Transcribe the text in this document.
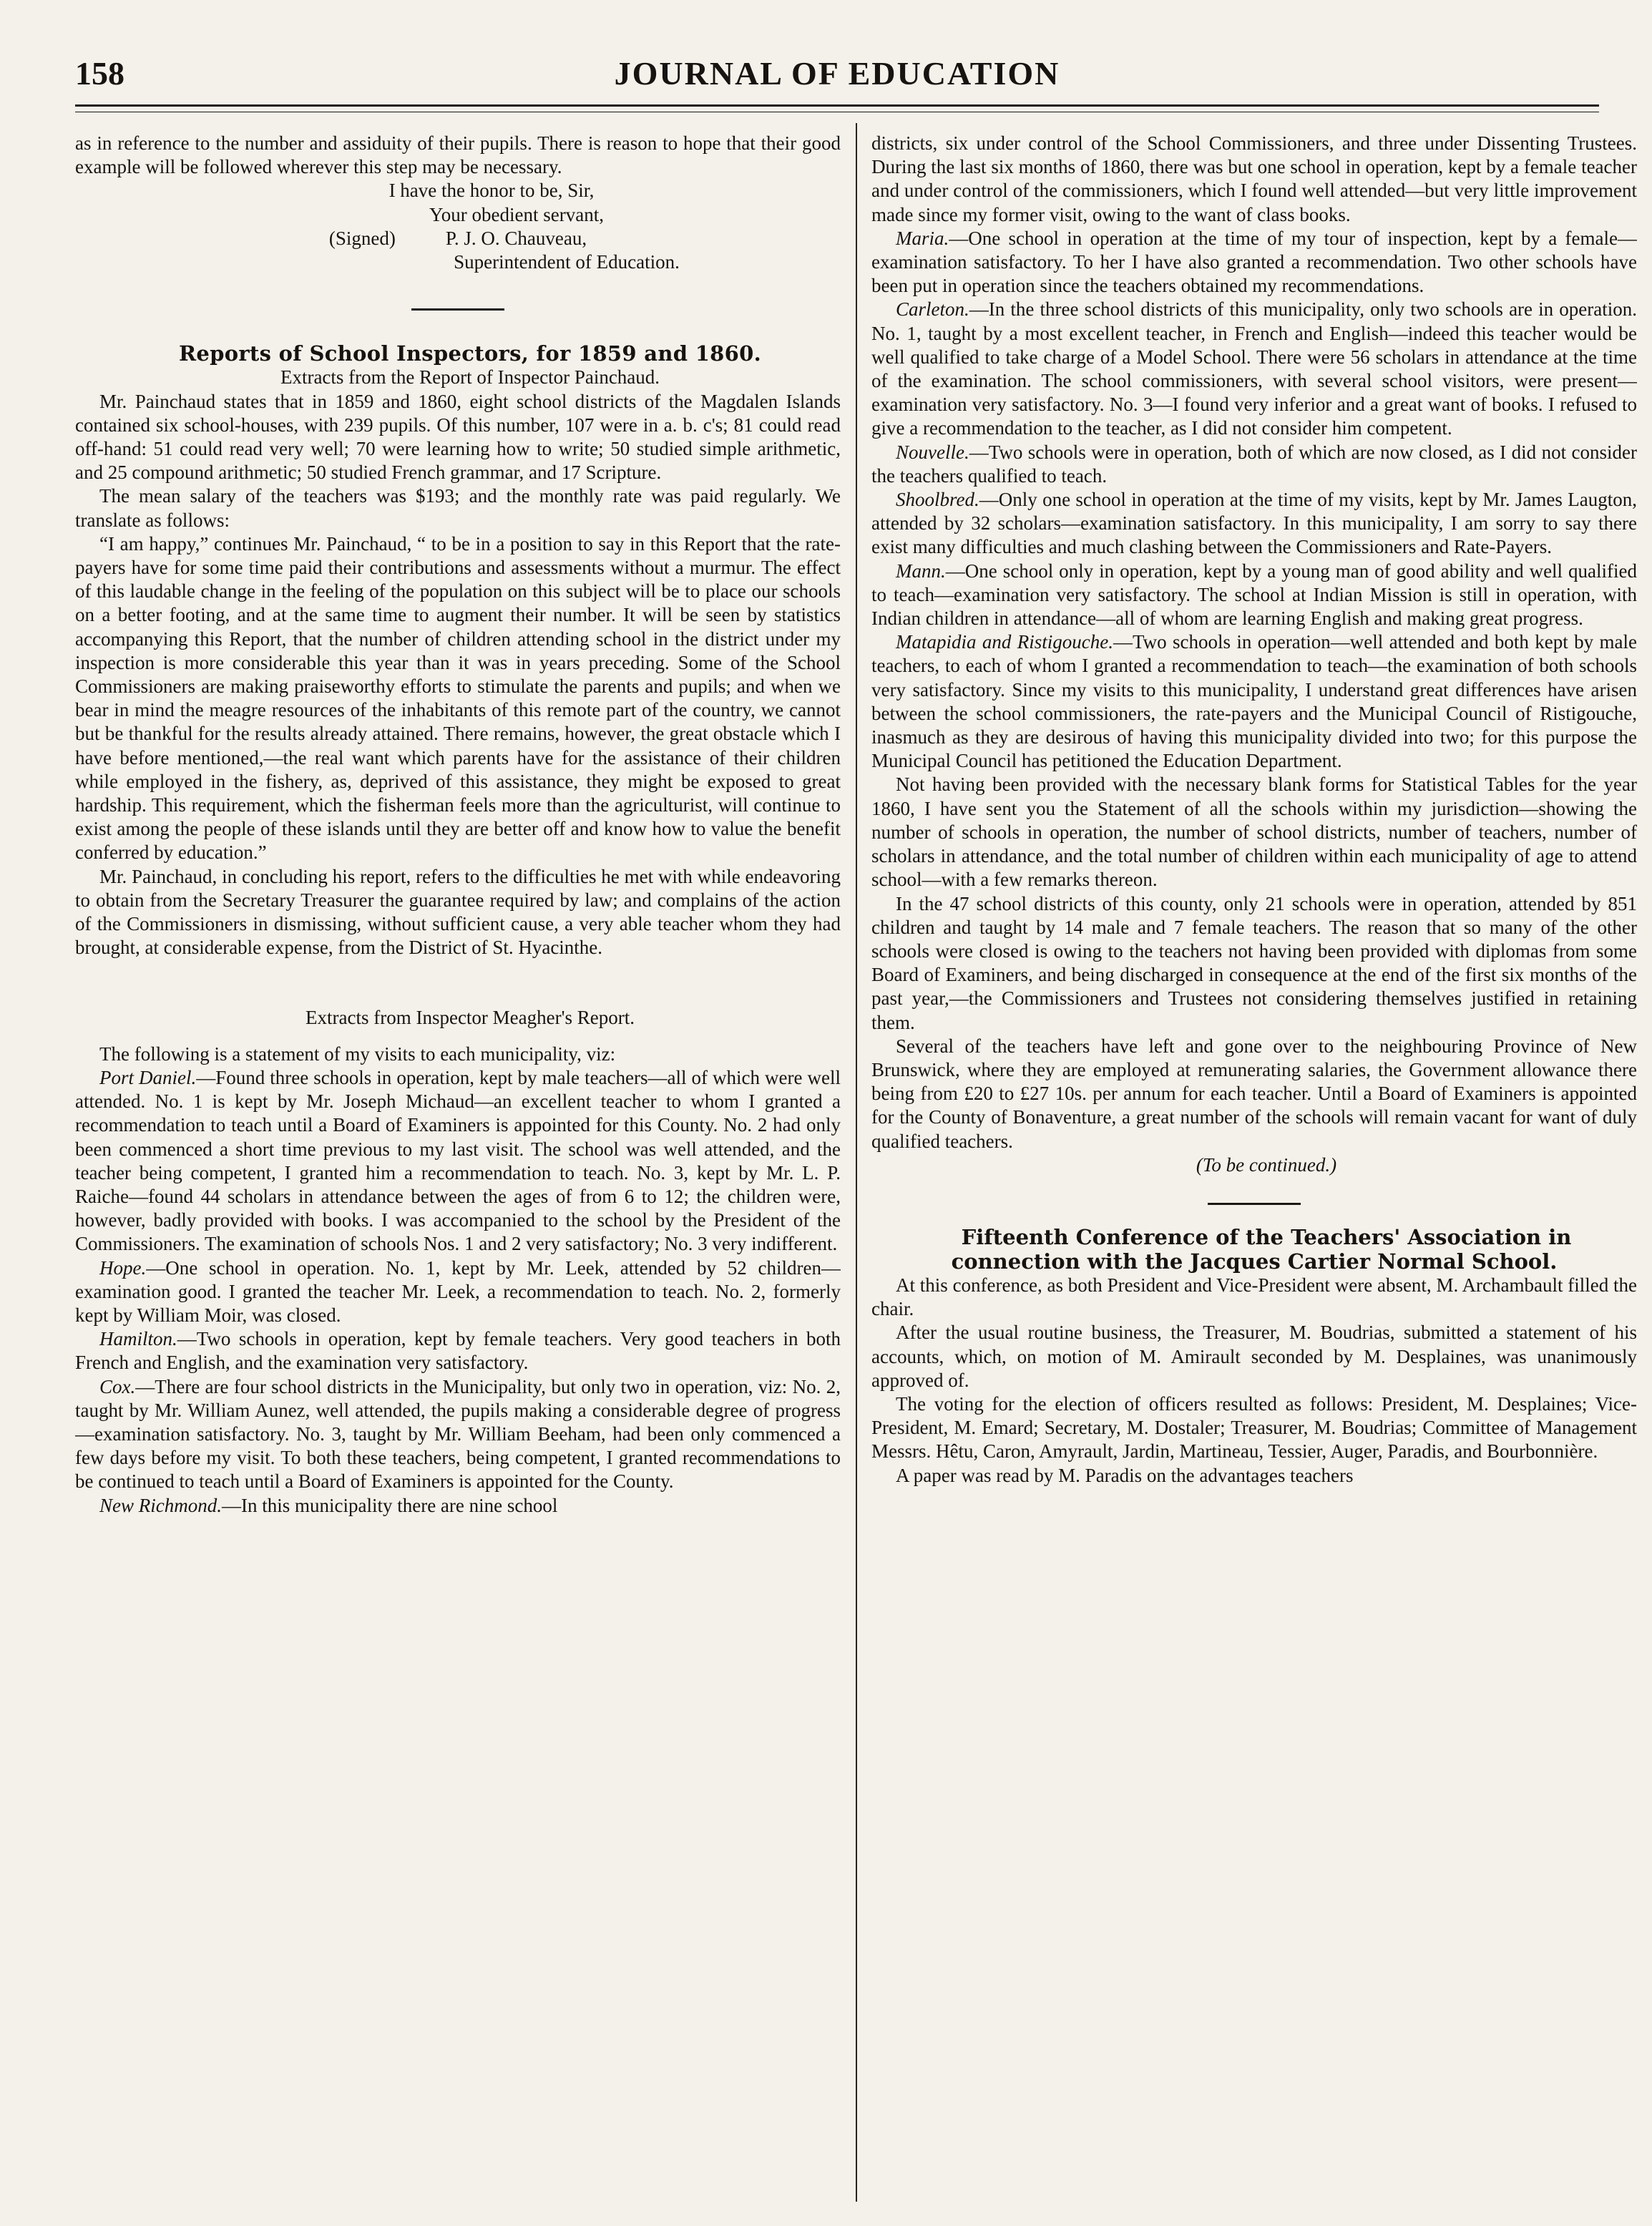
158	JOURNAL OF EDUCATION

as in reference to the number and assiduity of their pupils. There is reason to hope that their good example will be followed wherever this step may be necessary.

I have the honor to be, Sir,

Your obedient servant,

(Signed)	P. J. O. Chauveau,

Superintendent of Education.

Reports of School Inspectors, for 1859 and 1860.

Extracts from the Report of Inspector Painchaud.

Mr. Painchaud states that in 1859 and 1860, eight school districts of the Magdalen Islands contained six school-houses, with 239 pupils. Of this number, 107 were in a. b. c's; 81 could read off-hand: 51 could read very well; 70 were learning how to write; 50 studied simple arithmetic, and 25 compound arithmetic; 50 studied French grammar, and 17 Scripture.

The mean salary of the teachers was $193; and the monthly rate was paid regularly. We translate as follows:

“I am happy,” continues Mr. Painchaud, “ to be in a position to say in this Report that the rate-payers have for some time paid their contributions and assessments without a murmur. The effect of this laudable change in the feeling of the population on this subject will be to place our schools on a better footing, and at the same time to augment their number. It will be seen by statistics accompanying this Report, that the number of children attending school in the district under my inspection is more considerable this year than it was in years preceding. Some of the School Commissioners are making praiseworthy efforts to stimulate the parents and pupils; and when we bear in mind the meagre resources of the inhabitants of this remote part of the country, we cannot but be thankful for the results already attained. There remains, however, the great obstacle which I have before mentioned,—the real want which parents have for the assistance of their children while employed in the fishery, as, deprived of this assistance, they might be exposed to great hardship. This requirement, which the fisherman feels more than the agriculturist, will continue to exist among the people of these islands until they are better off and know how to value the benefit conferred by education.”

Mr. Painchaud, in concluding his report, refers to the difficulties he met with while endeavoring to obtain from the Secretary Treasurer the guarantee required by law; and complains of the action of the Commissioners in dismissing, without sufficient cause, a very able teacher whom they had brought, at considerable expense, from the District of St. Hyacinthe.

Extracts from Inspector Meagher's Report.

The following is a statement of my visits to each municipality, viz:

Port Daniel.—Found three schools in operation, kept by male teachers—all of which were well attended. No. 1 is kept by Mr. Joseph Michaud—an excellent teacher to whom I granted a recommendation to teach until a Board of Examiners is appointed for this County. No. 2 had only been commenced a short time previous to my last visit. The school was well attended, and the teacher being competent, I granted him a recommendation to teach. No. 3, kept by Mr. L. P. Raiche—found 44 scholars in attendance between the ages of from 6 to 12; the children were, however, badly provided with books. I was accompanied to the school by the President of the Commissioners. The examination of schools Nos. 1 and 2 very satisfactory; No. 3 very indifferent.

Hope.—One school in operation. No. 1, kept by Mr. Leek, attended by 52 children—examination good. I granted the teacher Mr. Leek, a recommendation to teach. No. 2, formerly kept by William Moir, was closed.

Hamilton.—Two schools in operation, kept by female teachers. Very good teachers in both French and English, and the examination very satisfactory.

Cox.—There are four school districts in the Municipality, but only two in operation, viz: No. 2, taught by Mr. William Aunez, well attended, the pupils making a considerable degree of progress—examination satisfactory. No. 3, taught by Mr. William Beeham, had been only commenced a few days before my visit. To both these teachers, being competent, I granted recommendations to be continued to teach until a Board of Examiners is appointed for the County.

New Richmond.—In this municipality there are nine school

districts, six under control of the School Commissioners, and three under Dissenting Trustees. During the last six months of 1860, there was but one school in operation, kept by a female teacher and under control of the commissioners, which I found well attended—but very little improvement made since my former visit, owing to the want of class books.

Maria.—One school in operation at the time of my tour of inspection, kept by a female—examination satisfactory. To her I have also granted a recommendation. Two other schools have been put in operation since the teachers obtained my recommendations.

Carleton.—In the three school districts of this municipality, only two schools are in operation. No. 1, taught by a most excellent teacher, in French and English—indeed this teacher would be well qualified to take charge of a Model School. There were 56 scholars in attendance at the time of the examination. The school commissioners, with several school visitors, were present—examination very satisfactory. No. 3—I found very inferior and a great want of books. I refused to give a recommendation to the teacher, as I did not consider him competent.

Nouvelle.—Two schools were in operation, both of which are now closed, as I did not consider the teachers qualified to teach.

Shoolbred.—Only one school in operation at the time of my visits, kept by Mr. James Laugton, attended by 32 scholars—examination satisfactory. In this municipality, I am sorry to say there exist many difficulties and much clashing between the Commissioners and Rate-Payers.

Mann.—One school only in operation, kept by a young man of good ability and well qualified to teach—examination very satisfactory. The school at Indian Mission is still in operation, with Indian children in attendance—all of whom are learning English and making great progress.

Matapidia and Ristigouche.—Two schools in operation—well attended and both kept by male teachers, to each of whom I granted a recommendation to teach—the examination of both schools very satisfactory. Since my visits to this municipality, I understand great differences have arisen between the school commissioners, the rate-payers and the Municipal Council of Ristigouche, inasmuch as they are desirous of having this municipality divided into two; for this purpose the Municipal Council has petitioned the Education Department.

Not having been provided with the necessary blank forms for Statistical Tables for the year 1860, I have sent you the Statement of all the schools within my jurisdiction—showing the number of schools in operation, the number of school districts, number of teachers, number of scholars in attendance, and the total number of children within each municipality of age to attend school—with a few remarks thereon.

In the 47 school districts of this county, only 21 schools were in operation, attended by 851 children and taught by 14 male and 7 female teachers. The reason that so many of the other schools were closed is owing to the teachers not having been provided with diplomas from some Board of Examiners, and being discharged in consequence at the end of the first six months of the past year,—the Commissioners and Trustees not considering themselves justified in retaining them.

Several of the teachers have left and gone over to the neighbouring Province of New Brunswick, where they are employed at remunerating salaries, the Government allowance there being from £20 to £27 10s. per annum for each teacher. Until a Board of Examiners is appointed for the County of Bonaventure, a great number of the schools will remain vacant for want of duly qualified teachers.

(To be continued.)

Fifteenth Conference of the Teachers' Association in connection with the Jacques Cartier Normal School.

At this conference, as both President and Vice-President were absent, M. Archambault filled the chair.

After the usual routine business, the Treasurer, M. Boudrias, submitted a statement of his accounts, which, on motion of M. Amirault seconded by M. Desplaines, was unanimously approved of.

The voting for the election of officers resulted as follows: President, M. Desplaines; Vice-President, M. Emard; Secretary, M. Dostaler; Treasurer, M. Boudrias; Committee of Management Messrs. Hêtu, Caron, Amyrault, Jardin, Martineau, Tessier, Auger, Paradis, and Bourbonnière.

A paper was read by M. Paradis on the advantages teachers
